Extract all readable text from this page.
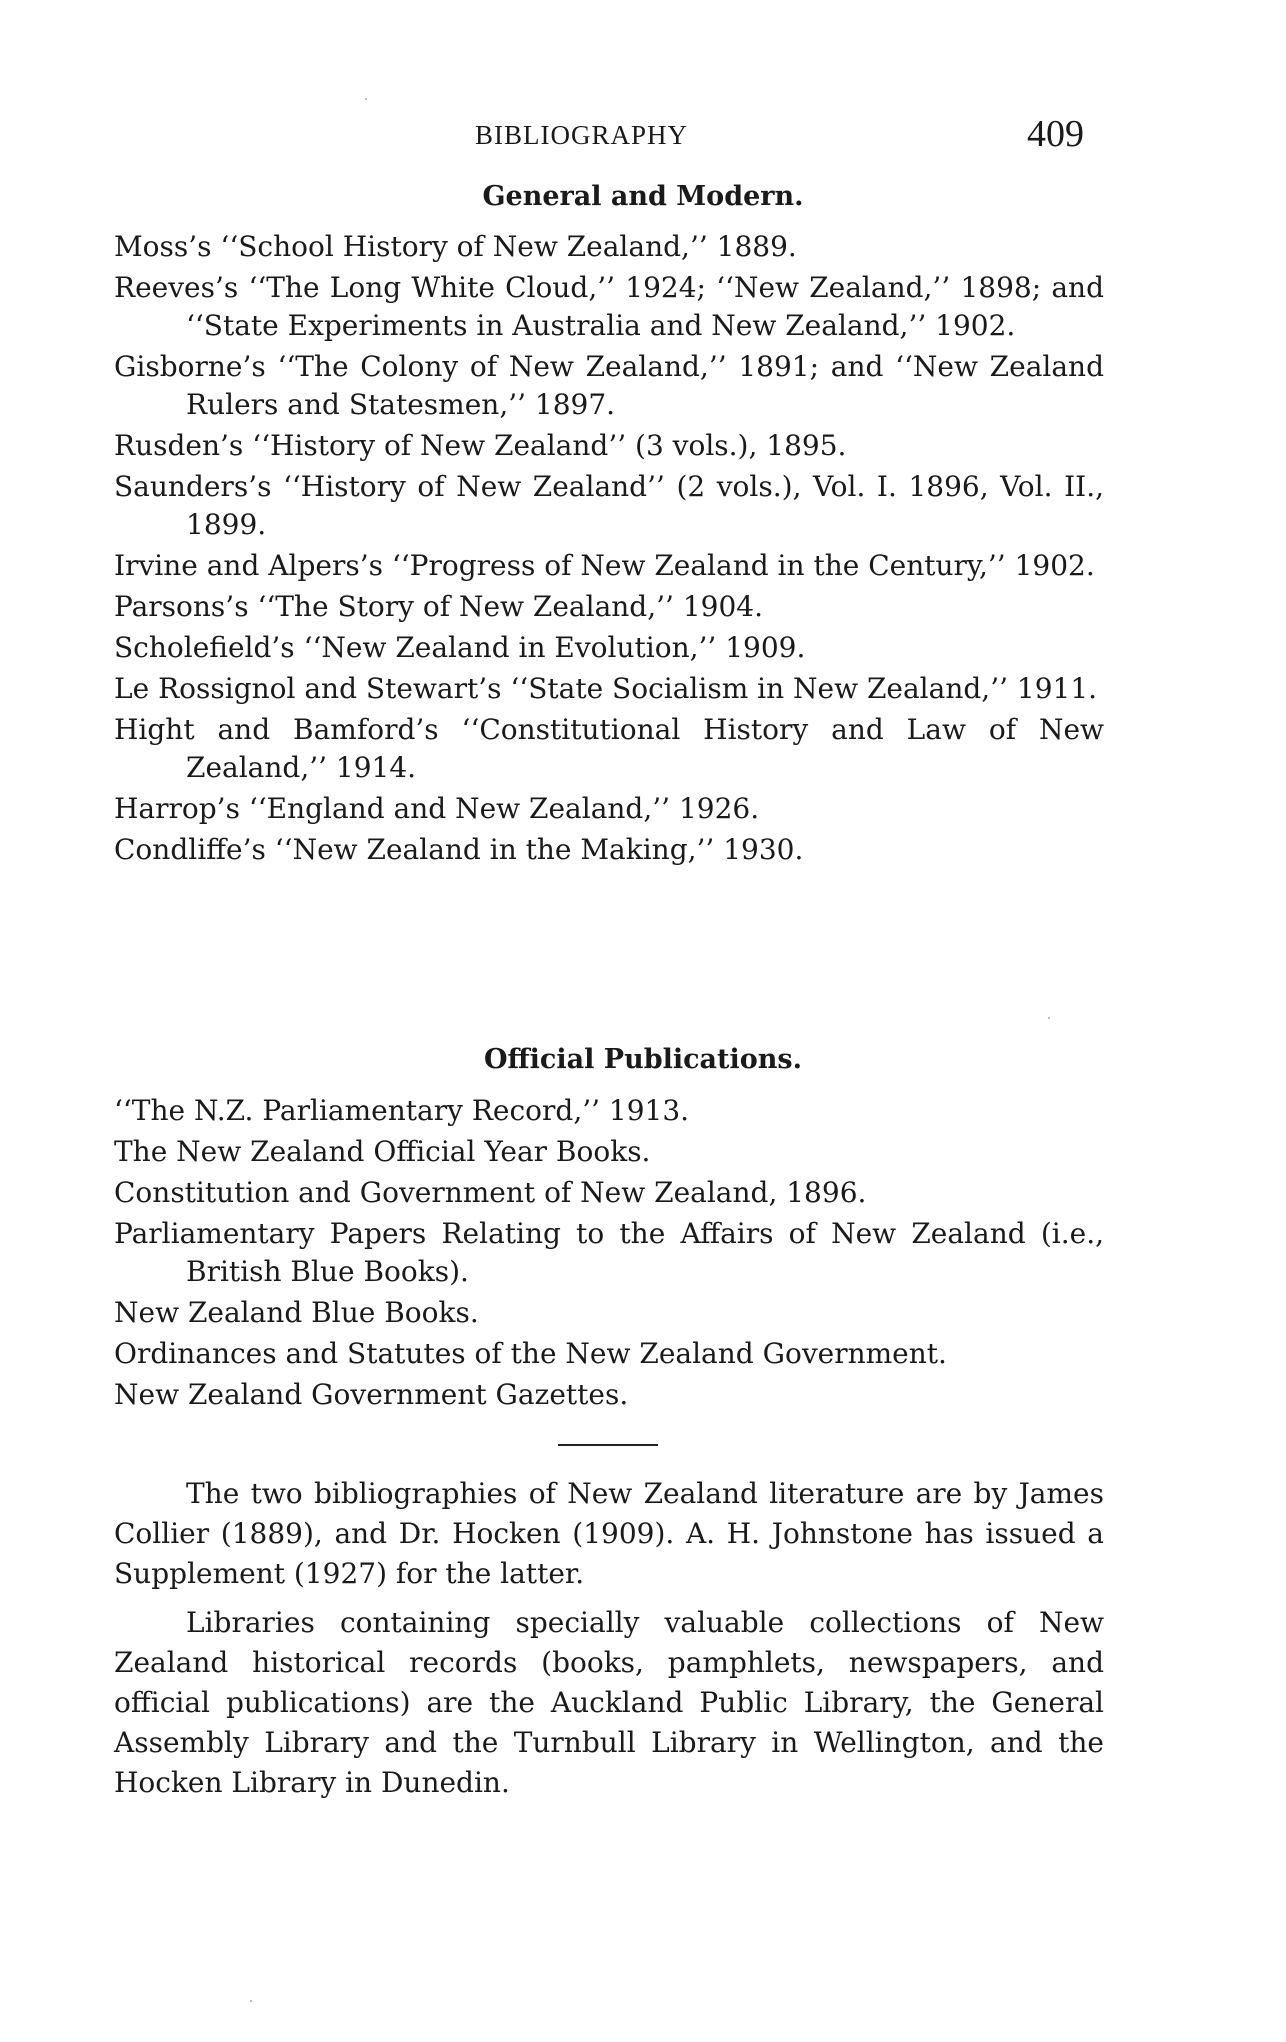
BIBLIOGRAPHY	409
General and Modern.
Moss’s ‘‘School History of New Zealand,’’ 1889.
Reeves’s ‘‘The Long White Cloud,’’ 1924; ‘‘New Zealand,’’ 1898; and ‘‘State Experiments in Australia and New Zealand,’’ 1902.
Gisborne’s ‘‘The Colony of New Zealand,’’ 1891; and ‘‘New Zealand Rulers and Statesmen,’’ 1897.
Rusden’s ‘‘History of New Zealand’’ (3 vols.), 1895.
Saunders’s ‘‘History of New Zealand’’ (2 vols.), Vol. I. 1896, Vol. II., 1899.
Irvine and Alpers’s ‘‘Progress of New Zealand in the Century,’’ 1902.
Parsons’s ‘‘The Story of New Zealand,’’ 1904.
Scholefield’s ‘‘New Zealand in Evolution,’’ 1909.
Le Rossignol and Stewart’s ‘‘State Socialism in New Zealand,’’ 1911.
Hight and Bamford’s ‘‘Constitutional History and Law of New Zealand,’’ 1914.
Harrop’s ‘‘England and New Zealand,’’ 1926.
Condliffe’s ‘‘New Zealand in the Making,’’ 1930.
Official Publications.
‘‘The N.Z. Parliamentary Record,’’ 1913.
The New Zealand Official Year Books.
Constitution and Government of New Zealand, 1896.
Parliamentary Papers Relating to the Affairs of New Zealand (i.e., British Blue Books).
New Zealand Blue Books.
Ordinances and Statutes of the New Zealand Government.
New Zealand Government Gazettes.

The two bibliographies of New Zealand literature are by James Collier (1889), and Dr. Hocken (1909). A. H. Johnstone has issued a Supplement (1927) for the latter.

Libraries containing specially valuable collections of New Zealand historical records (books, pamphlets, newspapers, and official publications) are the Auckland Public Library, the General Assembly Library and the Turnbull Library in Wellington, and the Hocken Library in Dunedin.
